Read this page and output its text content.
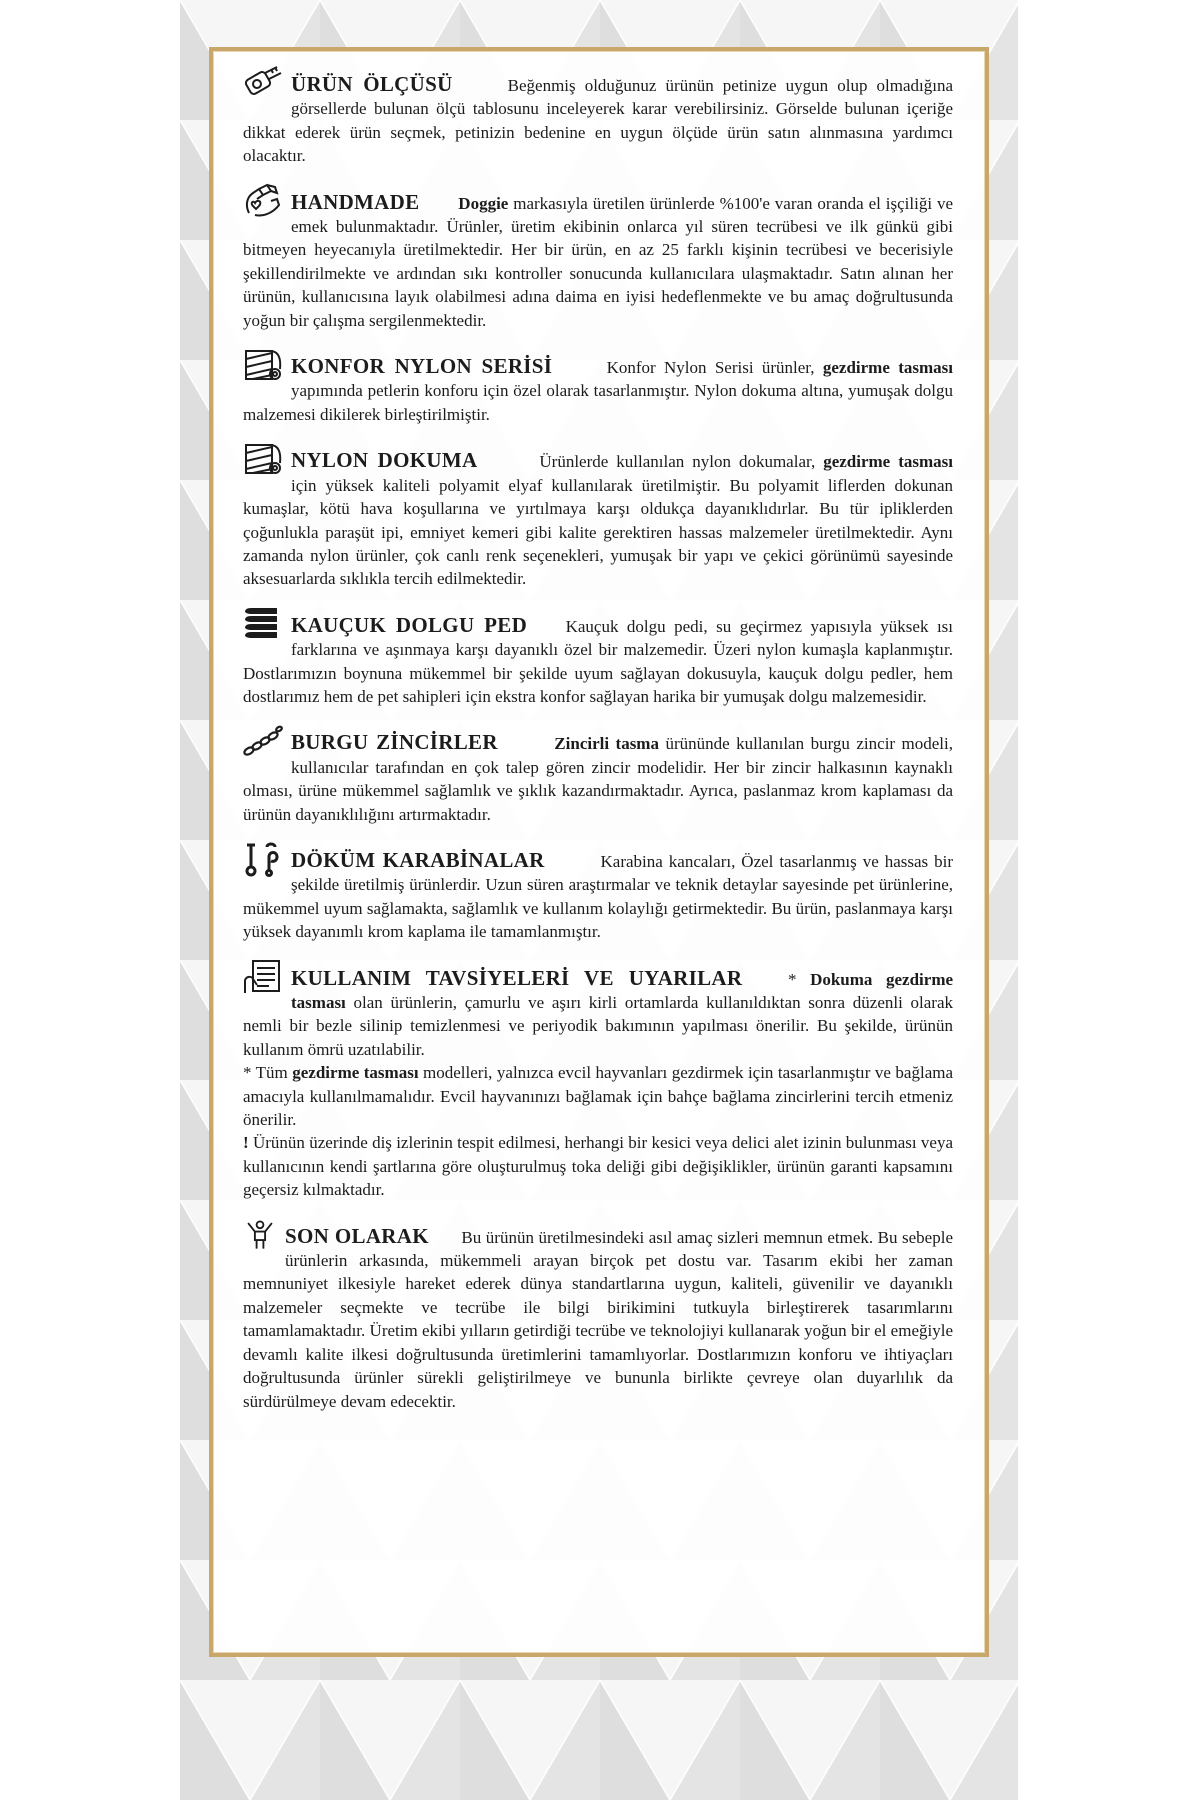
ÜRÜN ÖLÇÜSÜ	Beğenmiş olduğunuz ürünün petinize uygun olup olmadığına görsellerde bulunan ölçü tablosunu inceleyerek karar verebilirsiniz. Görselde bulunan içeriğe dikkat ederek ürün seçmek, petinizin bedenine en uygun ölçüde ürün satın alınmasına yardımcı olacaktır.

HANDMADE Doggie markasıyla üretilen ürünlerde %100'e varan oranda el işçiliği ve emek bulunmaktadır. Ürünler, üretim ekibinin onlarca yıl süren tecrübesi ve ilk günkü gibi bitmeyen heyecanıyla üretilmektedir. Her bir ürün, en az 25 farklı kişinin tecrübesi ve becerisiyle şekillendirilmekte ve ardından sıkı kontroller sonucunda kullanıcılara ulaşmaktadır. Satın alınan her ürünün, kullanıcısına layık olabilmesi adına daima en iyisi hedeflenmekte ve bu amaç doğrultusunda yoğun bir çalışma sergilenmektedir.

KONFOR NYLON SERİSİ	Konfor Nylon Serisi ürünler, gezdirme tasması yapımında petlerin konforu için özel olarak tasarlanmıştır. Nylon dokuma altına, yumuşak dolgu malzemesi dikilerek birleştirilmiştir.

NYLON DOKUMA	Ürünlerde kullanılan nylon dokumalar, gezdirme tasması için yüksek kaliteli polyamit elyaf kullanılarak üretilmiştir. Bu polyamit liflerden dokunan kumaşlar, kötü hava koşullarına ve yırtılmaya karşı oldukça dayanıklıdırlar. Bu tür ipliklerden çoğunlukla paraşüt ipi, emniyet kemeri gibi kalite gerektiren hassas malzemeler üretilmektedir. Aynı zamanda nylon ürünler, çok canlı renk seçenekleri, yumuşak bir yapı ve çekici görünümü sayesinde aksesuarlarda sıklıkla tercih edilmektedir.

KAUÇUK DOLGU PED Kauçuk dolgu pedi, su geçirmez yapısıyla yüksek ısı farklarına ve aşınmaya karşı dayanıklı özel bir malzemedir. Üzeri nylon kumaşla kaplanmıştır. Dostlarımızın boynuna mükemmel bir şekilde uyum sağlayan dokusuyla, kauçuk dolgu pedler, hem dostlarımız hem de pet sahipleri için ekstra konfor sağlayan harika bir yumuşak dolgu malzemesidir.

BURGU ZİNCİRLER	Zincirli tasma ürününde kullanılan burgu zincir modeli, kullanıcılar tarafından en çok talep gören zincir modelidir. Her bir zincir halkasının kaynaklı olması, ürüne mükemmel sağlamlık ve şıklık kazandırmaktadır. Ayrıca, paslanmaz krom kaplaması da ürünün dayanıklılığını artırmaktadır.

DÖKÜM KARABİNALAR	Karabina kancaları, Özel tasarlanmış ve hassas bir şekilde üretilmiş ürünlerdir. Uzun süren araştırmalar ve teknik detaylar sayesinde pet ürünlerine, mükemmel uyum sağlamakta, sağlamlık ve kullanım kolaylığı getirmektedir. Bu ürün, paslanmaya karşı yüksek dayanımlı krom kaplama ile tamamlanmıştır.

KULLANIM TAVSİYELERİ VE UYARILAR	* Dokuma gezdirme tasması olan ürünlerin, çamurlu ve aşırı kirli ortamlarda kullanıldıktan sonra düzenli olarak nemli bir bezle silinip temizlenmesi ve periyodik bakımının yapılması önerilir. Bu şekilde, ürünün kullanım ömrü uzatılabilir.

* Tüm gezdirme tasması modelleri, yalnızca evcil hayvanları gezdirmek için tasarlanmıştır ve bağlama amacıyla kullanılmamalıdır. Evcil hayvanınızı bağlamak için bahçe bağlama zincirlerini tercih etmeniz önerilir.

! Ürünün üzerinde diş izlerinin tespit edilmesi, herhangi bir kesici veya delici alet izinin bulunması veya kullanıcının kendi şartlarına göre oluşturulmuş toka deliği gibi değişiklikler, ürünün garanti kapsamını geçersiz kılmaktadır.

SON OLARAK Bu ürünün üretilmesindeki asıl amaç sizleri memnun etmek. Bu sebeple ürünlerin arkasında, mükemmeli arayan birçok pet dostu var. Tasarım ekibi her zaman memnuniyet ilkesiyle hareket ederek dünya standartlarına uygun, kaliteli, güvenilir ve dayanıklı malzemeler seçmekte ve tecrübe ile bilgi birikimini tutkuyla birleştirerek tasarımlarını tamamlamaktadır. Üretim ekibi yılların getirdiği tecrübe ve teknolojiyi kullanarak yoğun bir el emeğiyle devamlı kalite ilkesi doğrultusunda üretimlerini tamamlıyorlar. Dostlarımızın konforu ve ihtiyaçları doğrultusunda ürünler sürekli geliştirilmeye ve bununla birlikte çevreye olan duyarlılık da sürdürülmeye devam edecektir.
